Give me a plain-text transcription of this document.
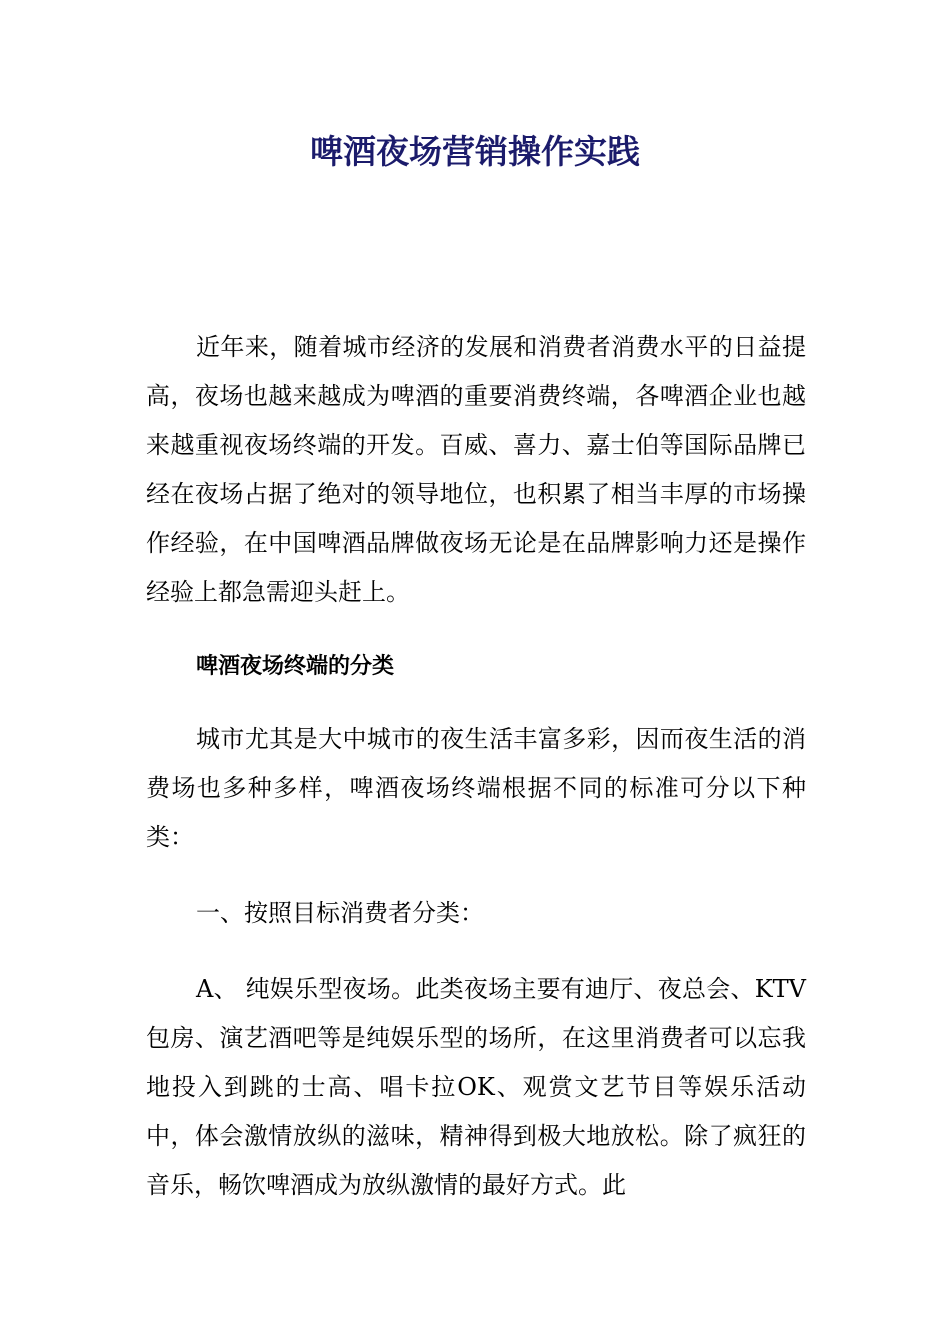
啤酒夜场营销操作实践

近年来，随着城市经济的发展和消费者消费水平的日益提高，夜场也越来越成为啤酒的重要消费终端，各啤酒企业也越来越重视夜场终端的开发。百威、喜力、嘉士伯等国际品牌已经在夜场占据了绝对的领导地位，也积累了相当丰厚的市场操作经验，在中国啤酒品牌做夜场无论是在品牌影响力还是操作经验上都急需迎头赶上。

啤酒夜场终端的分类

城市尤其是大中城市的夜生活丰富多彩，因而夜生活的消费场也多种多样，啤酒夜场终端根据不同的标准可分以下种类：

一、按照目标消费者分类：

A、 纯娱乐型夜场。此类夜场主要有迪厅、夜总会、KTV包房、演艺酒吧等是纯娱乐型的场所，在这里消费者可以忘我地投入到跳的士高、唱卡拉OK、观赏文艺节目等娱乐活动中，体会激情放纵的滋味，精神得到极大地放松。除了疯狂的音乐，畅饮啤酒成为放纵激情的最好方式。此
